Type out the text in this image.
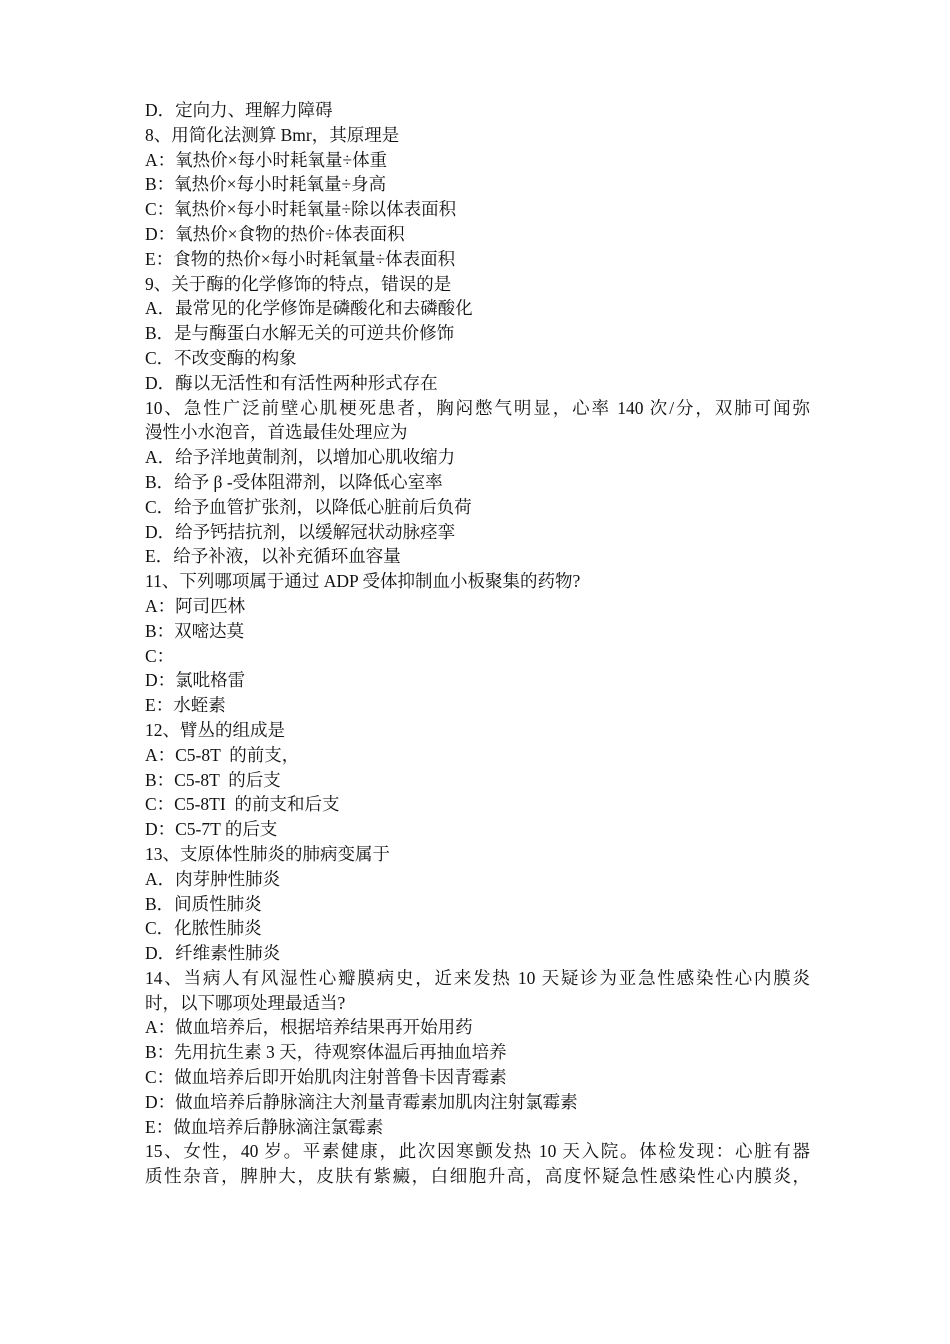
D．定向力、理解力障碍
8、用简化法测算 Bmr，其原理是
A：氧热价×每小时耗氧量÷体重
B：氧热价×每小时耗氧量÷身高
C：氧热价×每小时耗氧量÷除以体表面积
D：氧热价×食物的热价÷体表面积
E：食物的热价×每小时耗氧量÷体表面积
9、关于酶的化学修饰的特点，错误的是
A．最常见的化学修饰是磷酸化和去磷酸化
B．是与酶蛋白水解无关的可逆共价修饰
C．不改变酶的构象
D．酶以无活性和有活性两种形式存在
10、急性广泛前壁心肌梗死患者，胸闷憋气明显，心率 140 次/分，双肺可闻弥
漫性小水泡音，首选最佳处理应为
A．给予洋地黄制剂，以增加心肌收缩力
B．给予 β -受体阻滞剂，以降低心室率
C．给予血管扩张剂，以降低心脏前后负荷
D．给予钙拮抗剂，以缓解冠状动脉痉挛
E．给予补液，以补充循环血容量
11、下列哪项属于通过 ADP 受体抑制血小板聚集的药物?
A：阿司匹林
B：双嘧达莫
C：
D：氯吡格雷
E：水蛭素
12、臂丛的组成是
A：C5-8T  的前支，
B：C5-8T  的后支
C：C5-8TI  的前支和后支
D：C5-7T 的后支
13、支原体性肺炎的肺病变属于
A．肉芽肿性肺炎
B．间质性肺炎
C．化脓性肺炎
D．纤维素性肺炎
14、当病人有风湿性心瓣膜病史，近来发热 10 天疑诊为亚急性感染性心内膜炎
时，以下哪项处理最适当?
A：做血培养后，根据培养结果再开始用药
B：先用抗生素 3 天，待观察体温后再抽血培养
C：做血培养后即开始肌肉注射普鲁卡因青霉素
D：做血培养后静脉滴注大剂量青霉素加肌肉注射氯霉素
E：做血培养后静脉滴注氯霉素
15、女性，40 岁。平素健康，此次因寒颤发热 10 天入院。体检发现：心脏有器
质性杂音，脾肿大，皮肤有紫癜，白细胞升高，高度怀疑急性感染性心内膜炎，
